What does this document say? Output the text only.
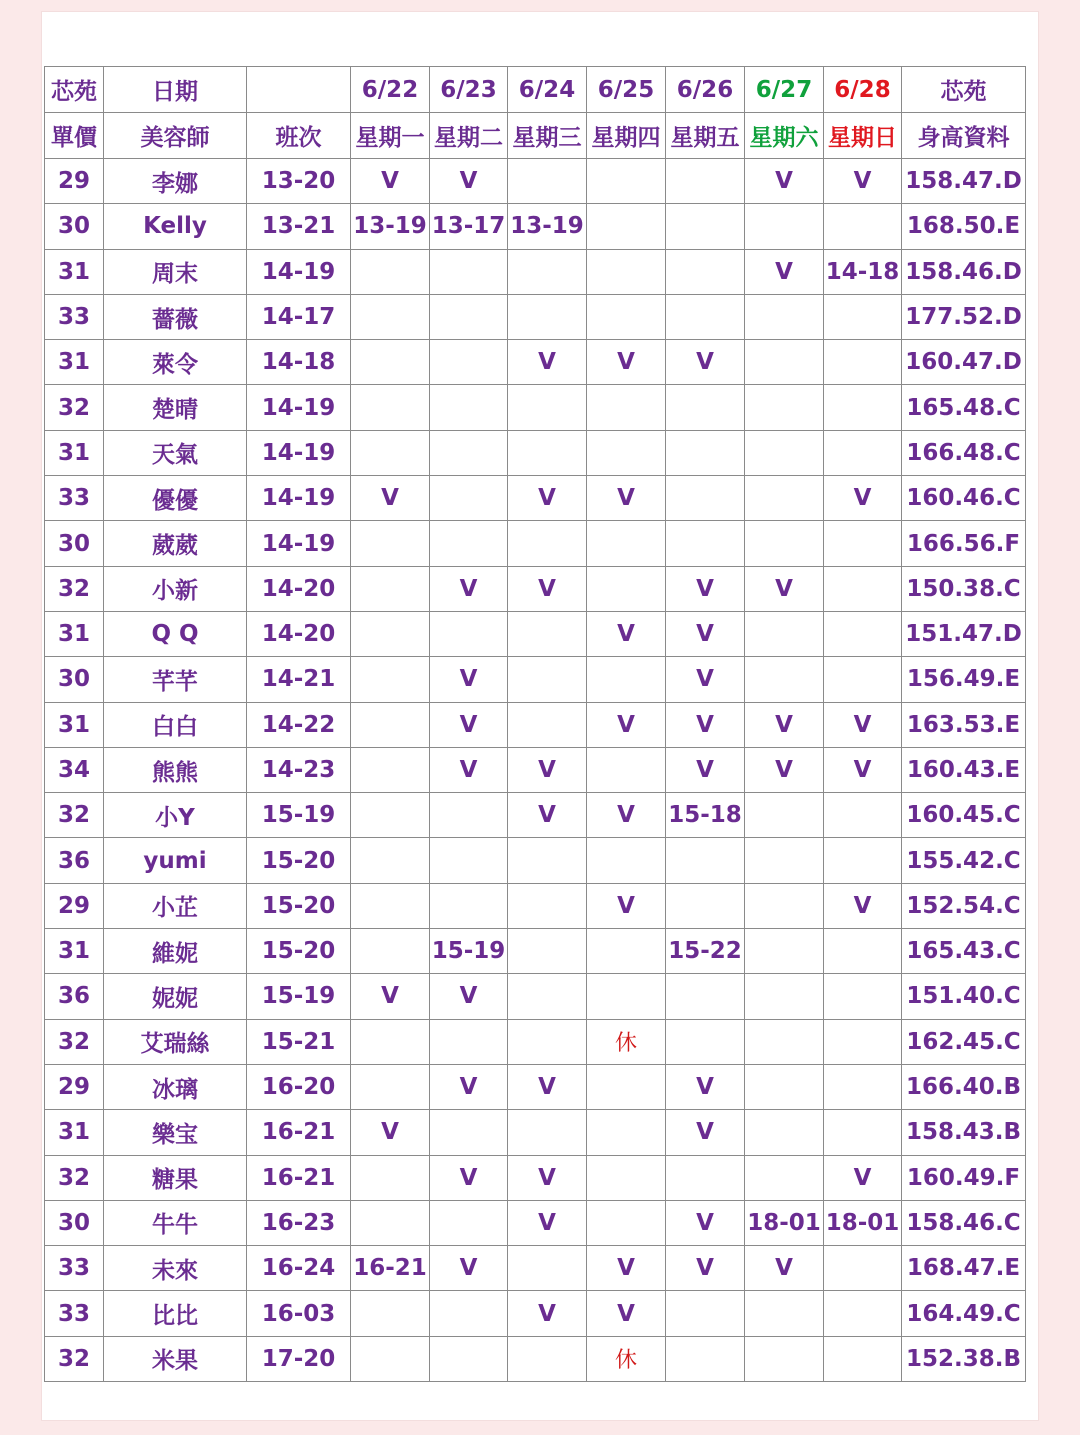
芯苑	日期		6/22	6/23	6/24	6/25	6/26	6/27	6/28	芯苑
單價	美容師	班次	星期一	星期二	星期三	星期四	星期五	星期六	星期日	身高資料
29	李娜	13-20	V	V				V	V	158.47.D
30	Kelly	13-21	13-19	13-17	13-19					168.50.E
31	周末	14-19						V	14-18	158.46.D
33	薔薇	14-17								177.52.D
31	萊令	14-18			V	V	V			160.47.D
32	楚晴	14-19								165.48.C
31	天氣	14-19								166.48.C
33	優優	14-19	V		V	V			V	160.46.C
30	葳葳	14-19								166.56.F
32	小新	14-20		V	V		V	V		150.38.C
31	Q Q	14-20				V	V			151.47.D
30	芊芊	14-21		V			V			156.49.E
31	白白	14-22		V		V	V	V	V	163.53.E
34	熊熊	14-23		V	V		V	V	V	160.43.E
32	小Y	15-19			V	V	15-18			160.45.C
36	yumi	15-20								155.42.C
29	小芷	15-20				V			V	152.54.C
31	維妮	15-20		15-19			15-22			165.43.C
36	妮妮	15-19	V	V						151.40.C
32	艾瑞絲	15-21				休				162.45.C
29	冰璃	16-20		V	V		V			166.40.B
31	樂宝	16-21	V				V			158.43.B
32	糖果	16-21		V	V				V	160.49.F
30	牛牛	16-23			V		V	18-01	18-01	158.46.C
33	未來	16-24	16-21	V		V	V	V		168.47.E
33	比比	16-03			V	V				164.49.C
32	米果	17-20				休				152.38.B
